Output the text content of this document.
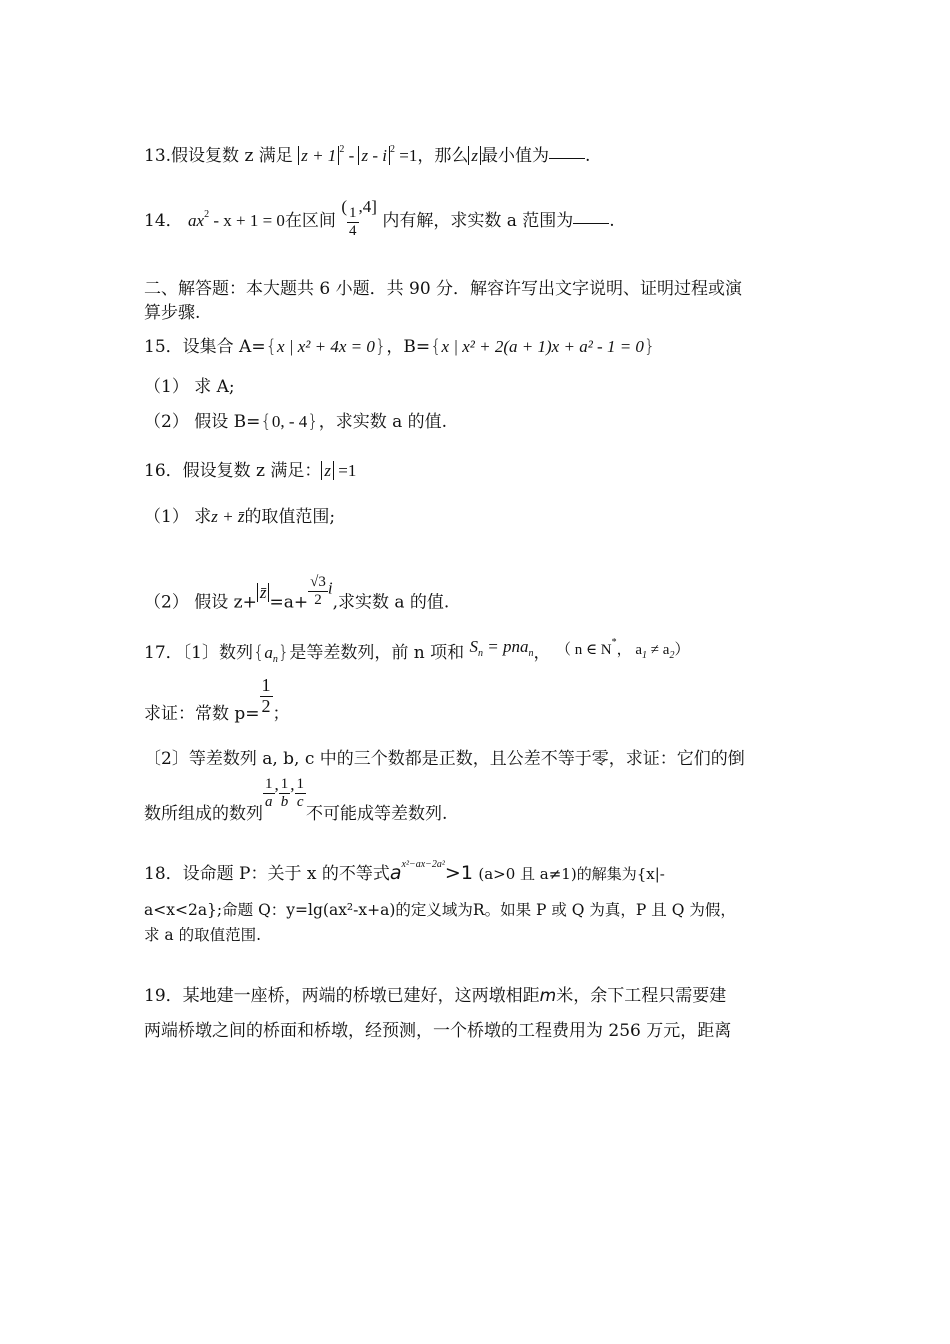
13.假设复数 z 满足 z + 1 $^2$ - z - i $^2$ =1，那么 z 最小值为 .
14． $ax^2 - x + 1 = 0$在区间 ( $\frac{1}{4} ,4$] 内有解，求实数 a 范围为 .
二、解答题：本大题共 6 小题．共 90 分．解容许写出文字说明、证明过程或演
算步骤.
15．设集合 A={x | x² + 4x = 0}，B={x | x² + 2(a + 1)x + a² - 1 = 0}
（1） 求 A;
（2） 假设 B={0, - 4}，求实数 a 的值.
16．假设复数 z 满足： z =1
（1） 求z + z̄的取值范围;
（2） 假设 z+z̄=a+ $\frac{√3}{2} i$,求实数 a 的值.
17．〔1〕数列$\{a_n\}$是等差数列，前 n 项和 $S_n = pna_n$， （ n ∈ N*， $a_1 \ne a_2$）
求证：常数 $p= \frac{1}{2}$ ；
〔2〕等差数列 a, b, c 中的三个数都是正数，且公差不等于零，求证：它们的倒
数所组成的数列
$\frac{1}{a}$ , $\frac{1}{b}$ , $\frac{1}{c}$
不可能成等差数列.
18．设命题 P：关于 x 的不等式$a^{x^2-ax-2a^2}>1$ (a>0 且 a≠1)的解集为{x|-
a<x<2a};命题 Q：y=lg(ax²-x+a)的定义域为R。如果 P 或 Q 为真，P 且 Q 为假，
求 a 的取值范围.
19．某地建一座桥，两端的桥墩已建好，这两墩相距m米，余下工程只需要建
两端桥墩之间的桥面和桥墩，经预测，一个桥墩的工程费用为 256 万元，距离
